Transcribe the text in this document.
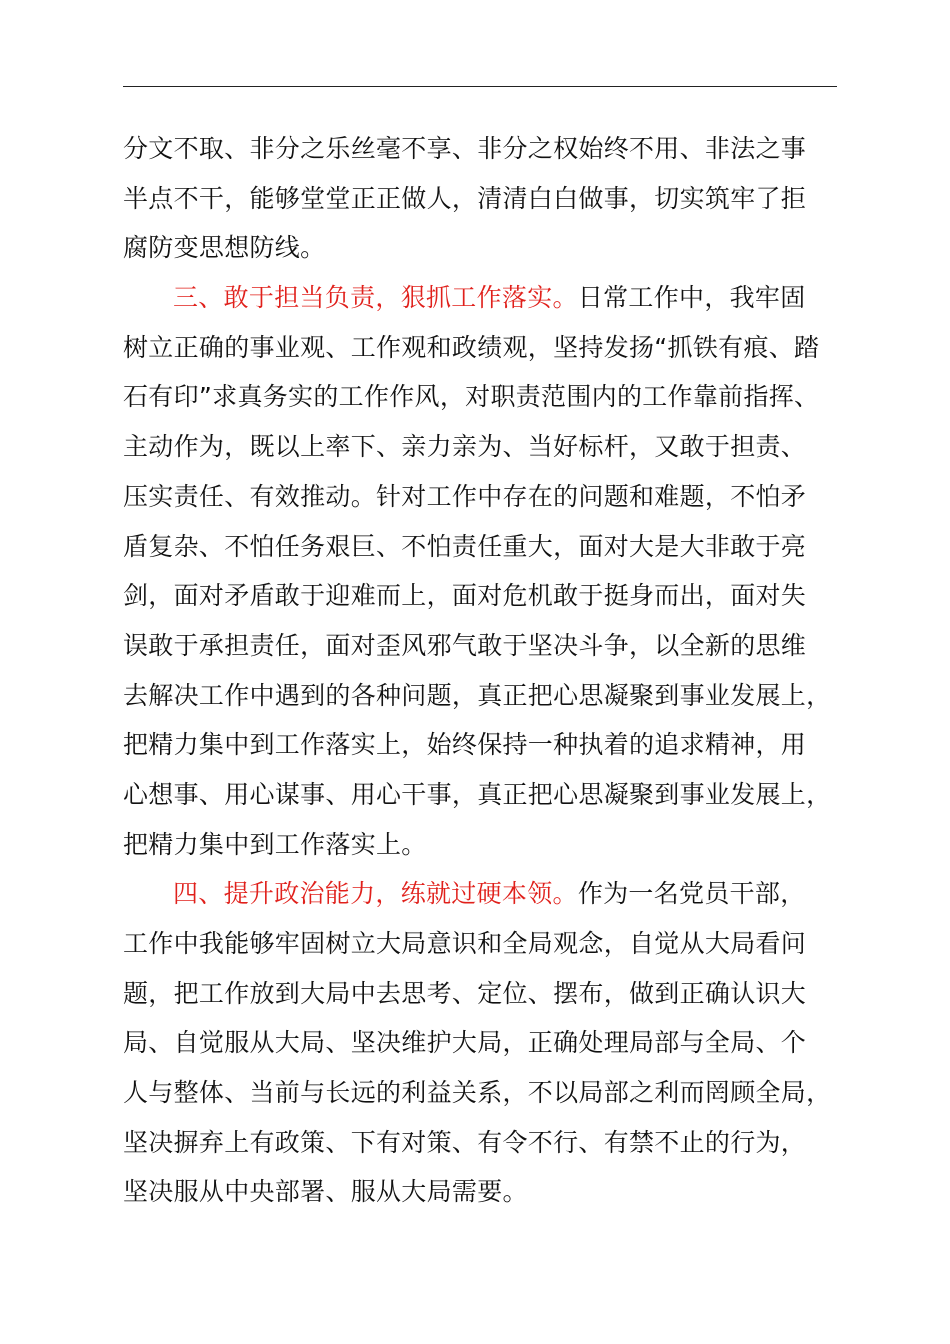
分文不取、非分之乐丝毫不享、非分之权始终不用、非法之事
半点不干，能够堂堂正正做人，清清白白做事，切实筑牢了拒
腐防变思想防线。
三、敢于担当负责，狠抓工作落实。日常工作中，我牢固
树立正确的事业观、工作观和政绩观，坚持发扬“抓铁有痕、踏
石有印”求真务实的工作作风，对职责范围内的工作靠前指挥、
主动作为，既以上率下、亲力亲为、当好标杆，又敢于担责、
压实责任、有效推动。针对工作中存在的问题和难题，不怕矛
盾复杂、不怕任务艰巨、不怕责任重大，面对大是大非敢于亮
剑，面对矛盾敢于迎难而上，面对危机敢于挺身而出，面对失
误敢于承担责任，面对歪风邪气敢于坚决斗争，以全新的思维
去解决工作中遇到的各种问题，真正把心思凝聚到事业发展上，
把精力集中到工作落实上，始终保持一种执着的追求精神，用
心想事、用心谋事、用心干事，真正把心思凝聚到事业发展上，
把精力集中到工作落实上。
四、提升政治能力，练就过硬本领。作为一名党员干部，
工作中我能够牢固树立大局意识和全局观念，自觉从大局看问
题，把工作放到大局中去思考、定位、摆布，做到正确认识大
局、自觉服从大局、坚决维护大局，正确处理局部与全局、个
人与整体、当前与长远的利益关系，不以局部之利而罔顾全局，
坚决摒弃上有政策、下有对策、有令不行、有禁不止的行为，
坚决服从中央部署、服从大局需要。
